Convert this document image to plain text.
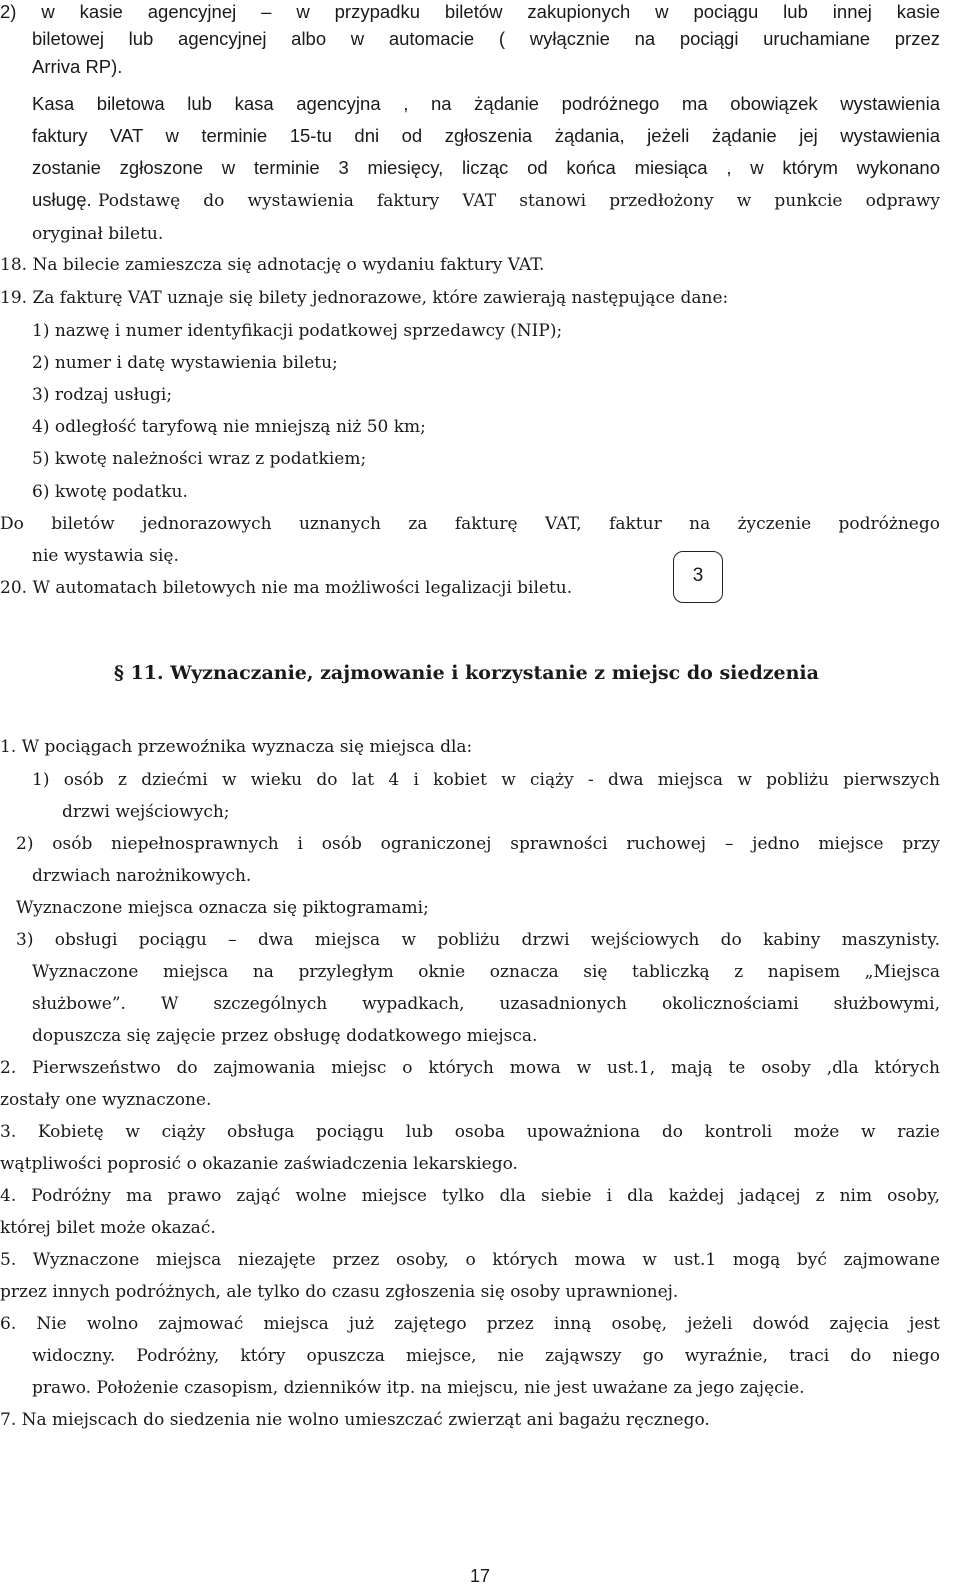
2) w kasie agencyjnej – w przypadku biletów zakupionych w pociągu lub innej kasie
biletowej lub agencyjnej albo w automacie ( wyłącznie na pociągi uruchamiane przez
Arriva RP).
Kasa biletowa lub kasa agencyjna , na żądanie podróżnego ma obowiązek wystawienia
faktury VAT w terminie 15-tu dni od zgłoszenia żądania, jeżeli żądanie jej wystawienia
zostanie zgłoszone w terminie 3 miesięcy, licząc od końca miesiąca , w którym wykonano
usługę. Podstawę do wystawienia faktury VAT stanowi przedłożony w punkcie odprawy
oryginał biletu.
18. Na bilecie zamieszcza się adnotację o wydaniu faktury VAT.
19. Za fakturę VAT uznaje się bilety jednorazowe, które zawierają następujące dane:
1) nazwę i numer identyfikacji podatkowej sprzedawcy (NIP);
2) numer i datę wystawienia biletu;
3) rodzaj usługi;
4) odległość taryfową nie mniejszą niż 50 km;
5) kwotę należności wraz z podatkiem;
6) kwotę podatku.
Do biletów jednorazowych uznanych za fakturę VAT, faktur na życzenie podróżnego
nie wystawia się.
20. W automatach biletowych nie ma możliwości legalizacji biletu.
3
§ 11. Wyznaczanie, zajmowanie i korzystanie z miejsc do siedzenia
1. W pociągach przewoźnika wyznacza się miejsca dla:
1) osób z dziećmi w wieku do lat 4 i kobiet w ciąży - dwa miejsca w pobliżu pierwszych
drzwi wejściowych;
2) osób niepełnosprawnych i osób ograniczonej sprawności ruchowej – jedno miejsce przy
drzwiach narożnikowych.
Wyznaczone miejsca oznacza się piktogramami;
3) obsługi pociągu – dwa miejsca w pobliżu drzwi wejściowych do kabiny maszynisty.
Wyznaczone miejsca na przyległym oknie oznacza się tabliczką z napisem „Miejsca
służbowe”. W szczególnych wypadkach, uzasadnionych okolicznościami służbowymi,
dopuszcza się zajęcie przez obsługę dodatkowego miejsca.
2. Pierwszeństwo do zajmowania miejsc o których mowa w ust.1, mają te osoby ,dla których
zostały one wyznaczone.
3. Kobietę w ciąży obsługa pociągu lub osoba upoważniona do kontroli może w razie
wątpliwości poprosić o okazanie zaświadczenia lekarskiego.
4. Podróżny ma prawo zająć wolne miejsce tylko dla siebie i dla każdej jadącej z nim osoby,
której bilet może okazać.
5. Wyznaczone miejsca niezajęte przez osoby, o których mowa w ust.1 mogą być zajmowane
przez innych podróżnych, ale tylko do czasu zgłoszenia się osoby uprawnionej.
6. Nie wolno zajmować miejsca już zajętego przez inną osobę, jeżeli dowód zajęcia jest
widoczny. Podróżny, który opuszcza miejsce, nie zająwszy go wyraźnie, traci do niego
prawo. Położenie czasopism, dzienników itp. na miejscu, nie jest uważane za jego zajęcie.
7. Na miejscach do siedzenia nie wolno umieszczać zwierząt ani bagażu ręcznego.
17
